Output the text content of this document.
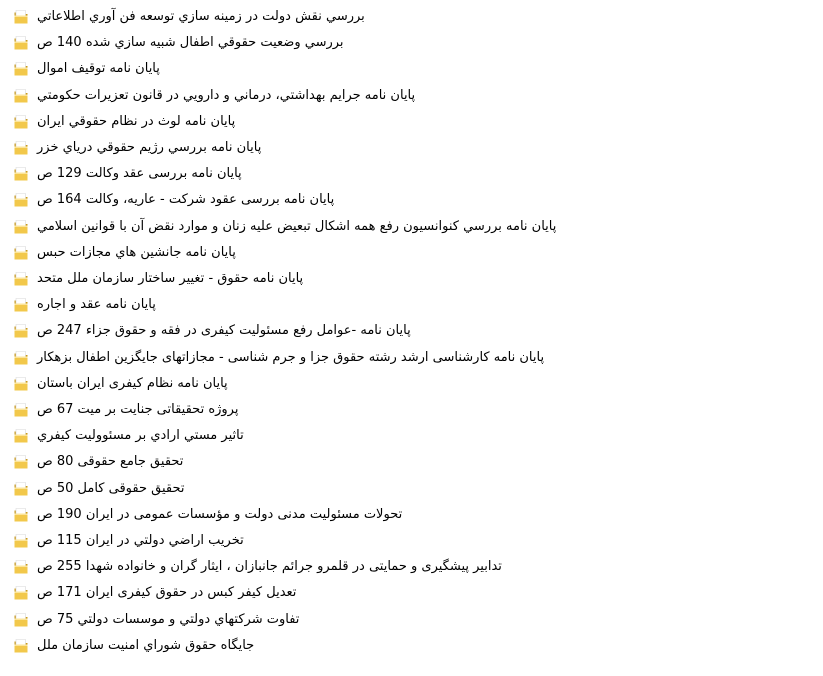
بررسي نقش دولت در زمينه سازي توسعه فن آوري اطلاعاتي
بررسي وضعيت حقوقي اطفال شبيه سازي شده 140 ص
پایان نامه توقیف اموال
پايان نامه جرايم بهداشتي، درماني و دارويي در قانون تعزيرات حكومتي
پايان نامه لوث در نظام حقوقي ايران
پايان نامه بررسي رژيم حقوقي درياي خزر
پايان نامه بررسی عقد وکالت 129 ص
پايان نامه بررسی عقود شرکت - عاريه، وکالت 164 ص
پايان نامه بررسي كنوانسيون رفع همه اشكال تبعيض عليه زنان و موارد نقض آن با قوانين اسلامي
پايان نامه جانشين هاي مجازات حبس
پایان نامه حقوق - تغییر ساختار سازمان ملل متحد
پايان نامه عقد و اجاره
پایان نامه -عوامل رفع مسئولیت کیفری در فقه و حقوق جزاء 247 ص
پایان نامه کارشناسی ارشد رشته حقوق جزا و جرم شناسی - مجازاتهای جایگزین اطفال بزهکار
پايان نامه نظام کيفری ايران باستان
پروژه تحقیقاتی جنایت بر میت 67 ص
تاثير مستي ارادي بر مسئووليت كيفري
تحقیق جامع حقوقی 80 ص
تحقیق حقوقی کامل 50 ص
تحولات مسئوليت مدنی دولت و مؤسسات عمومی در ايران 190 ص
تخريب اراضي دولتي در ايران 115 ص
تدابير پيشگيری و حمايتی در قلمرو جرائم جانبازان ، ايثار گران و خانواده شهدا 255 ص
تعديل کيفر کبس در حقوق کيفری ايران 171 ص
تفاوت شركتهاي دولتي و موسسات دولتي 75 ص
جايگاه حقوق شوراي امنيت سازمان ملل
